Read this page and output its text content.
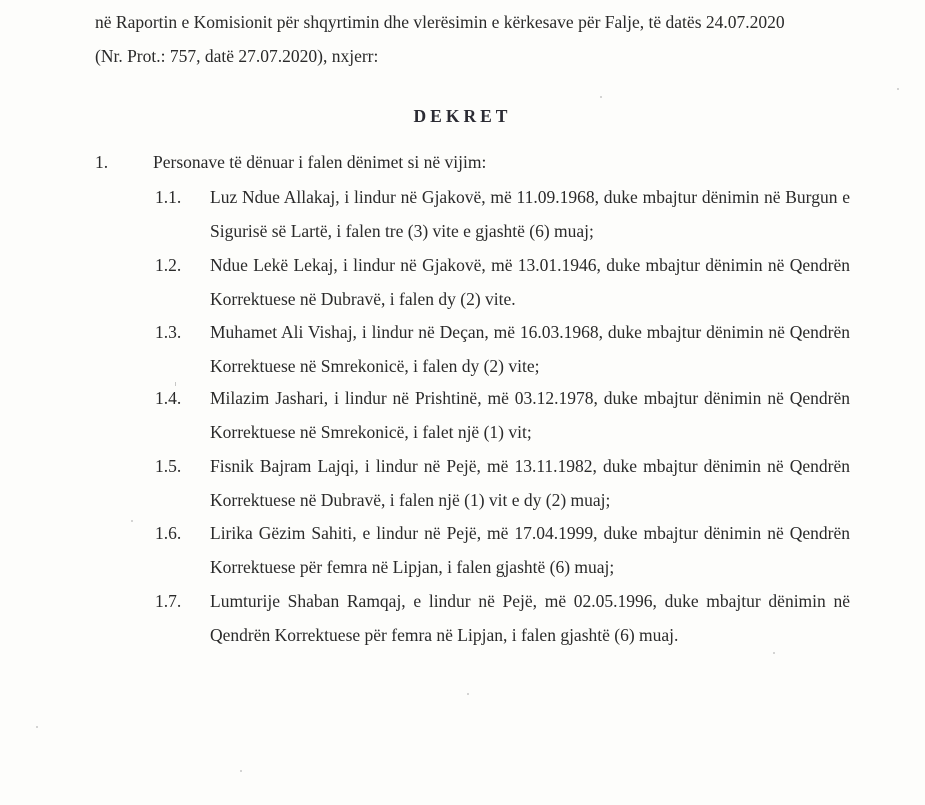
në Raportin e Komisionit për shqyrtimin dhe vlerësimin e kërkesave për Falje, të datës 24.07.2020
(Nr. Prot.: 757, datë 27.07.2020), nxjerr:
DEKRET
1.	Personave të dënuar i falen dënimet si në vijim:
1.1. Luz Ndue Allakaj, i lindur në Gjakovë, më 11.09.1968, duke mbajtur dënimin në Burgun e Sigurisë së Lartë, i falen tre (3) vite e gjashtë (6) muaj;
1.2. Ndue Lekë Lekaj, i lindur në Gjakovë, më 13.01.1946, duke mbajtur dënimin në Qendrën Korrektuese në Dubravë, i falen dy (2) vite.
1.3. Muhamet Ali Vishaj, i lindur në Deçan, më 16.03.1968, duke mbajtur dënimin në Qendrën Korrektuese në Smrekonicë, i falen dy (2) vite;
1.4. Milazim Jashari, i lindur në Prishtinë, më 03.12.1978, duke mbajtur dënimin në Qendrën Korrektuese në Smrekonicë, i falet një (1) vit;
1.5. Fisnik Bajram Lajqi, i lindur në Pejë, më 13.11.1982, duke mbajtur dënimin në Qendrën Korrektuese në Dubravë, i falen një (1) vit e dy (2) muaj;
1.6. Lirika Gëzim Sahiti, e lindur në Pejë, më 17.04.1999, duke mbajtur dënimin në Qendrën Korrektuese për femra në Lipjan, i falen gjashtë (6) muaj;
1.7. Lumturije Shaban Ramqaj, e lindur në Pejë, më 02.05.1996, duke mbajtur dënimin në Qendrën Korrektuese për femra në Lipjan, i falen gjashtë (6) muaj.
